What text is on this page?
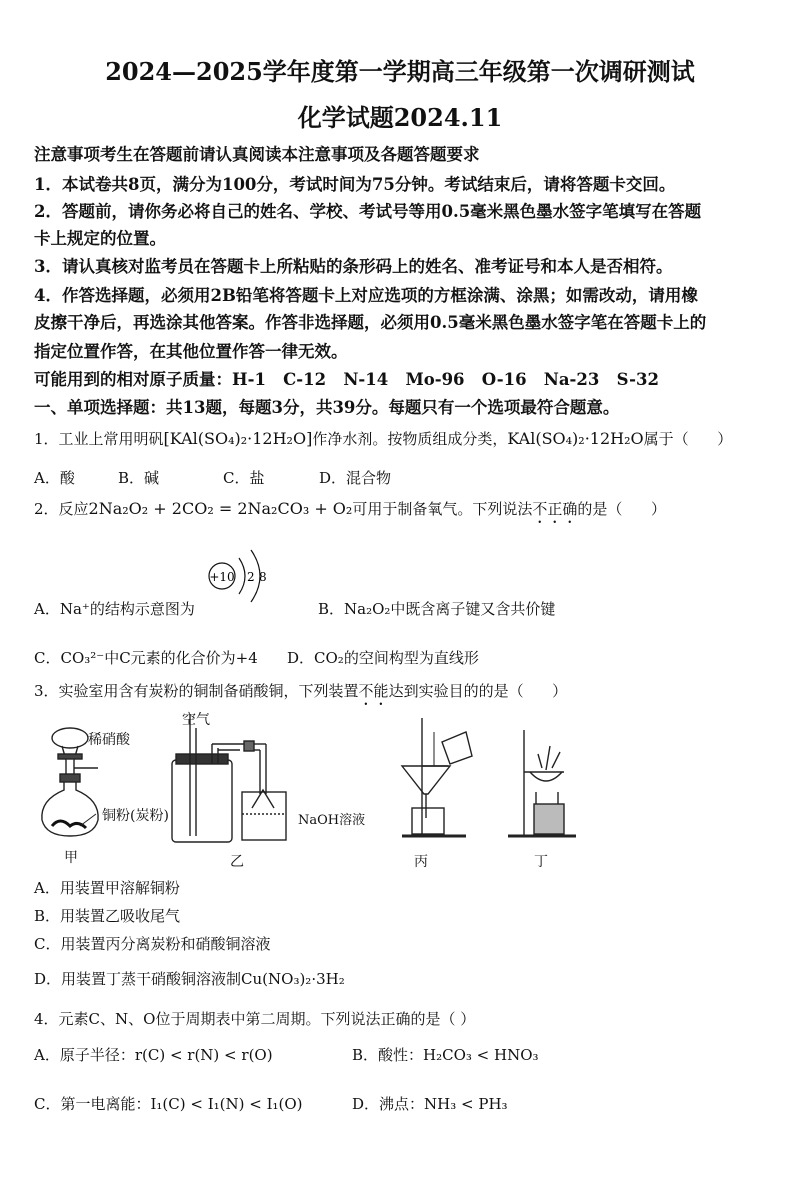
2024—2025学年度第一学期高三年级第一次调研测试
化学试题2024.11
注意事项考生在答题前请认真阅读本注意事项及各题答题要求
1．本试卷共8页，满分为100分，考试时间为75分钟。考试结束后，请将答题卡交回。
2．答题前，请你务必将自己的姓名、学校、考试号等用0.5毫米黑色墨水签字笔填写在答题
卡上规定的位置。
3．请认真核对监考员在答题卡上所粘贴的条形码上的姓名、准考证号和本人是否相符。
4．作答选择题，必须用2B铅笔将答题卡上对应选项的方框涂满、涂黑；如需改动，请用橡
皮擦干净后，再选涂其他答案。作答非选择题，必须用0.5毫米黑色墨水签字笔在答题卡上的
指定位置作答，在其他位置作答一律无效。
可能用到的相对原子质量：H-1   C-12   N-14   Mo-96   O-16   Na-23   S-32
一、单项选择题：共13题，每题3分，共39分。每题只有一个选项最符合题意。
1．工业上常用明矾[KAl(SO₄)₂·12H₂O]作净水剂。按物质组成分类，KAl(SO₄)₂·12H₂O属于（      ）
A．酸	B．碱	C．盐	D．混合物
2．反应2Na₂O₂ + 2CO₂ = 2Na₂CO₃ + O₂可用于制备氧气。下列说法不正确的是（      ）
+10 2 8
A．Na⁺的结构示意图为	B．Na₂O₂中既含离子键又含共价键
C．CO₃²⁻中C元素的化合价为+4 D．CO₂的空间构型为直线形
3．实验室用含有炭粉的铜制备硝酸铜，下列装置不能达到实验目的的是（      ）
稀硝酸
铜粉(炭粉)
空气
NaOH溶液
甲	乙	丙	丁
A．用装置甲溶解铜粉
B．用装置乙吸收尾气
C．用装置丙分离炭粉和硝酸铜溶液
D．用装置丁蒸干硝酸铜溶液制Cu(NO₃)₂·3H₂
4．元素C、N、O位于周期表中第二周期。下列说法正确的是（ ）
A．原子半径：r(C) < r(N) < r(O)	B．酸性：H₂CO₃ < HNO₃
C．第一电离能：I₁(C) < I₁(N) < I₁(O)	D．沸点：NH₃ < PH₃
